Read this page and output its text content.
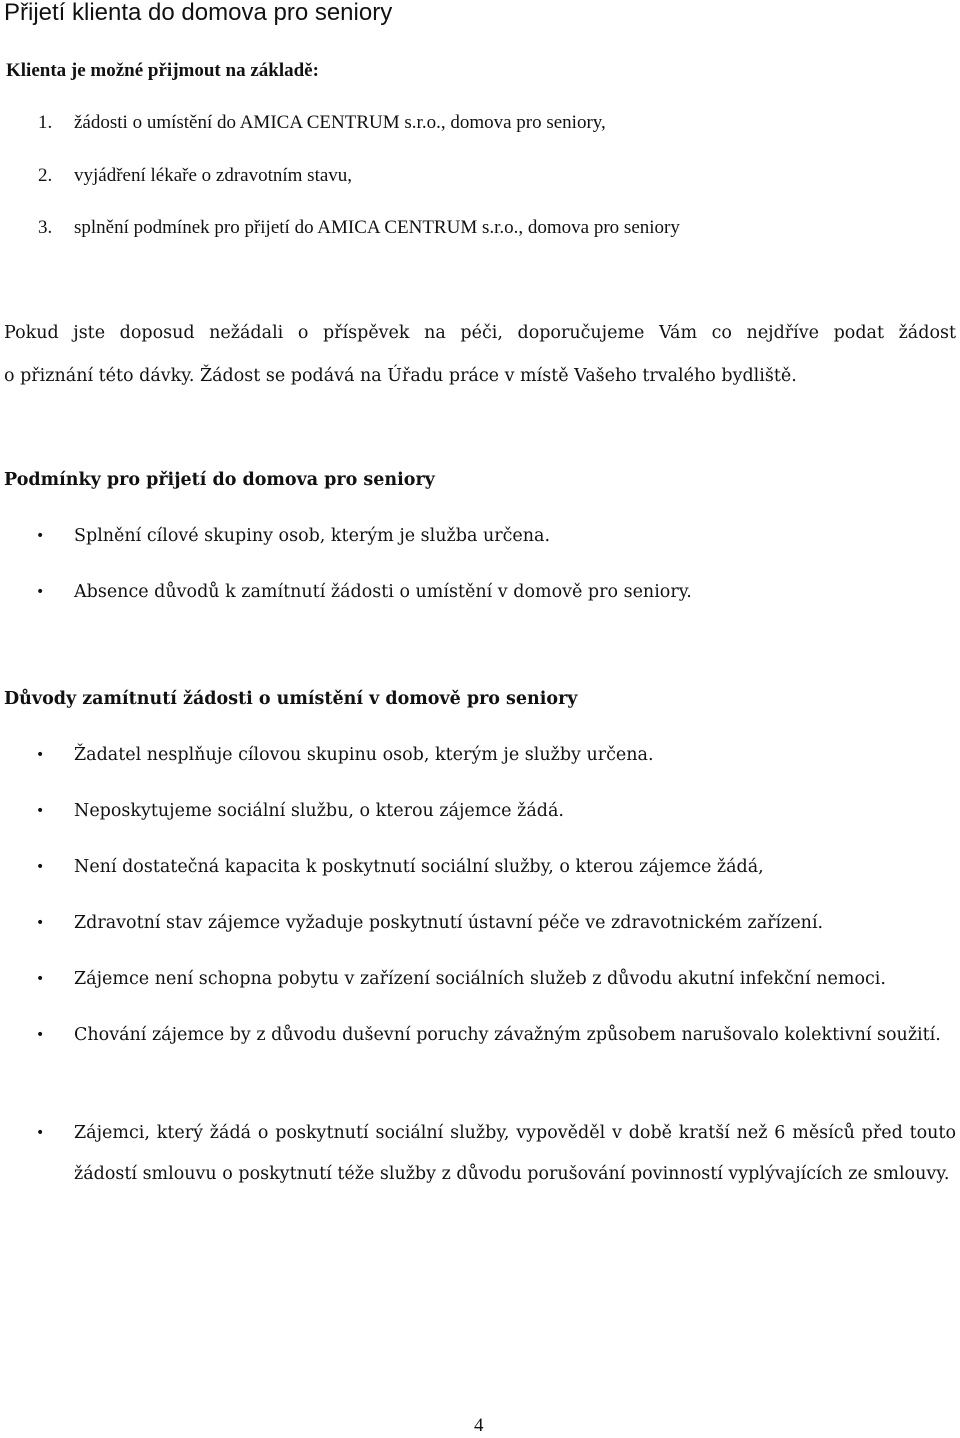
Přijetí klienta do domova pro seniory
Klienta je možné přijmout na základě:
1. žádosti o umístění do AMICA CENTRUM s.r.o., domova pro seniory,
2. vyjádření lékaře o zdravotním stavu,
3. splnění podmínek pro přijetí do AMICA CENTRUM s.r.o., domova pro seniory
Pokud jste doposud nežádali o příspěvek na péči, doporučujeme Vám co nejdříve podat žádost
o přiznání této dávky. Žádost se podává na Úřadu práce v místě Vašeho trvalého bydliště.
Podmínky pro přijetí do domova pro seniory
• Splnění cílové skupiny osob, kterým je služba určena.
• Absence důvodů k zamítnutí žádosti o umístění v domově pro seniory.
Důvody zamítnutí žádosti o umístění v domově pro seniory
• Žadatel nesplňuje cílovou skupinu osob, kterým je služby určena.
• Neposkytujeme sociální službu, o kterou zájemce žádá.
• Není dostatečná kapacita k poskytnutí sociální služby, o kterou zájemce žádá,
• Zdravotní stav zájemce vyžaduje poskytnutí ústavní péče ve zdravotnickém zařízení.
• Zájemce není schopna pobytu v zařízení sociálních služeb z důvodu akutní infekční nemoci.
• Chování zájemce by z důvodu duševní poruchy závažným způsobem narušovalo kolektivní soužití.
• Zájemci, který žádá o poskytnutí sociální služby, vypověděl v době kratší než 6 měsíců před touto žádostí smlouvu o poskytnutí téže služby z důvodu porušování povinností vyplývajících ze smlouvy.
4
